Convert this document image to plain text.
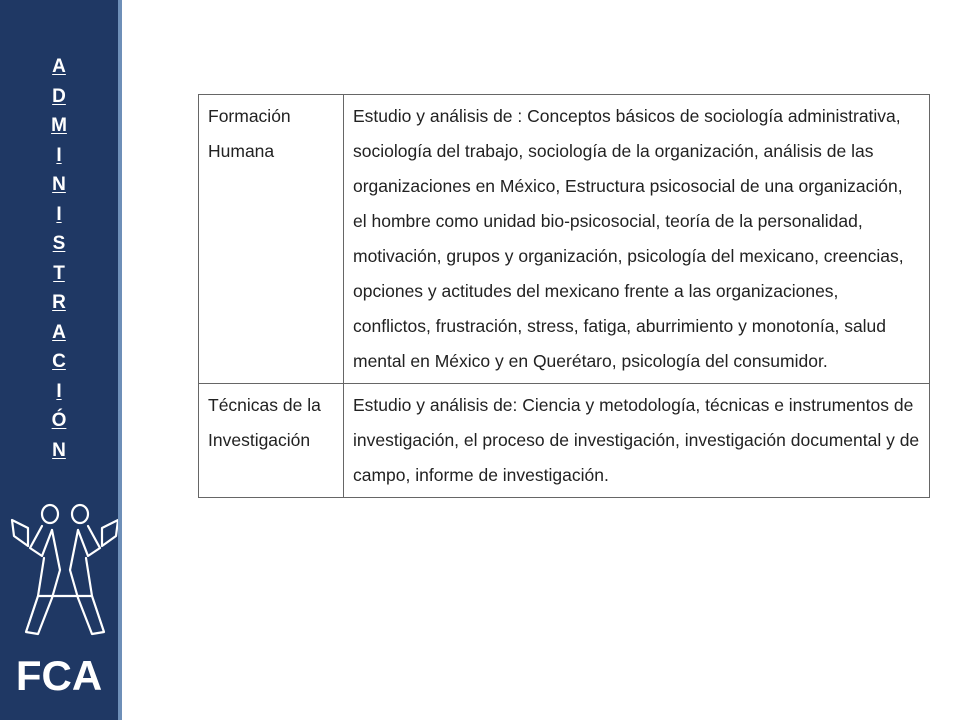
A
D
M
I
N
I
S
T
R
A
C
I
Ó
N
FCA
Formación Humana	Estudio y análisis de : Conceptos básicos de sociología administrativa, sociología del trabajo, sociología de la organización, análisis de las organizaciones en México, Estructura psicosocial de una organización, el hombre como unidad bio-psicosocial, teoría de la personalidad, motivación, grupos y organización, psicología del mexicano, creencias, opciones y actitudes del mexicano frente a las organizaciones, conflictos, frustración, stress, fatiga, aburrimiento y monotonía, salud mental en México y en Querétaro, psicología del consumidor.
Técnicas de la Investigación	Estudio y análisis de: Ciencia y metodología, técnicas e instrumentos de investigación, el proceso de investigación, investigación documental y de campo, informe de investigación.
